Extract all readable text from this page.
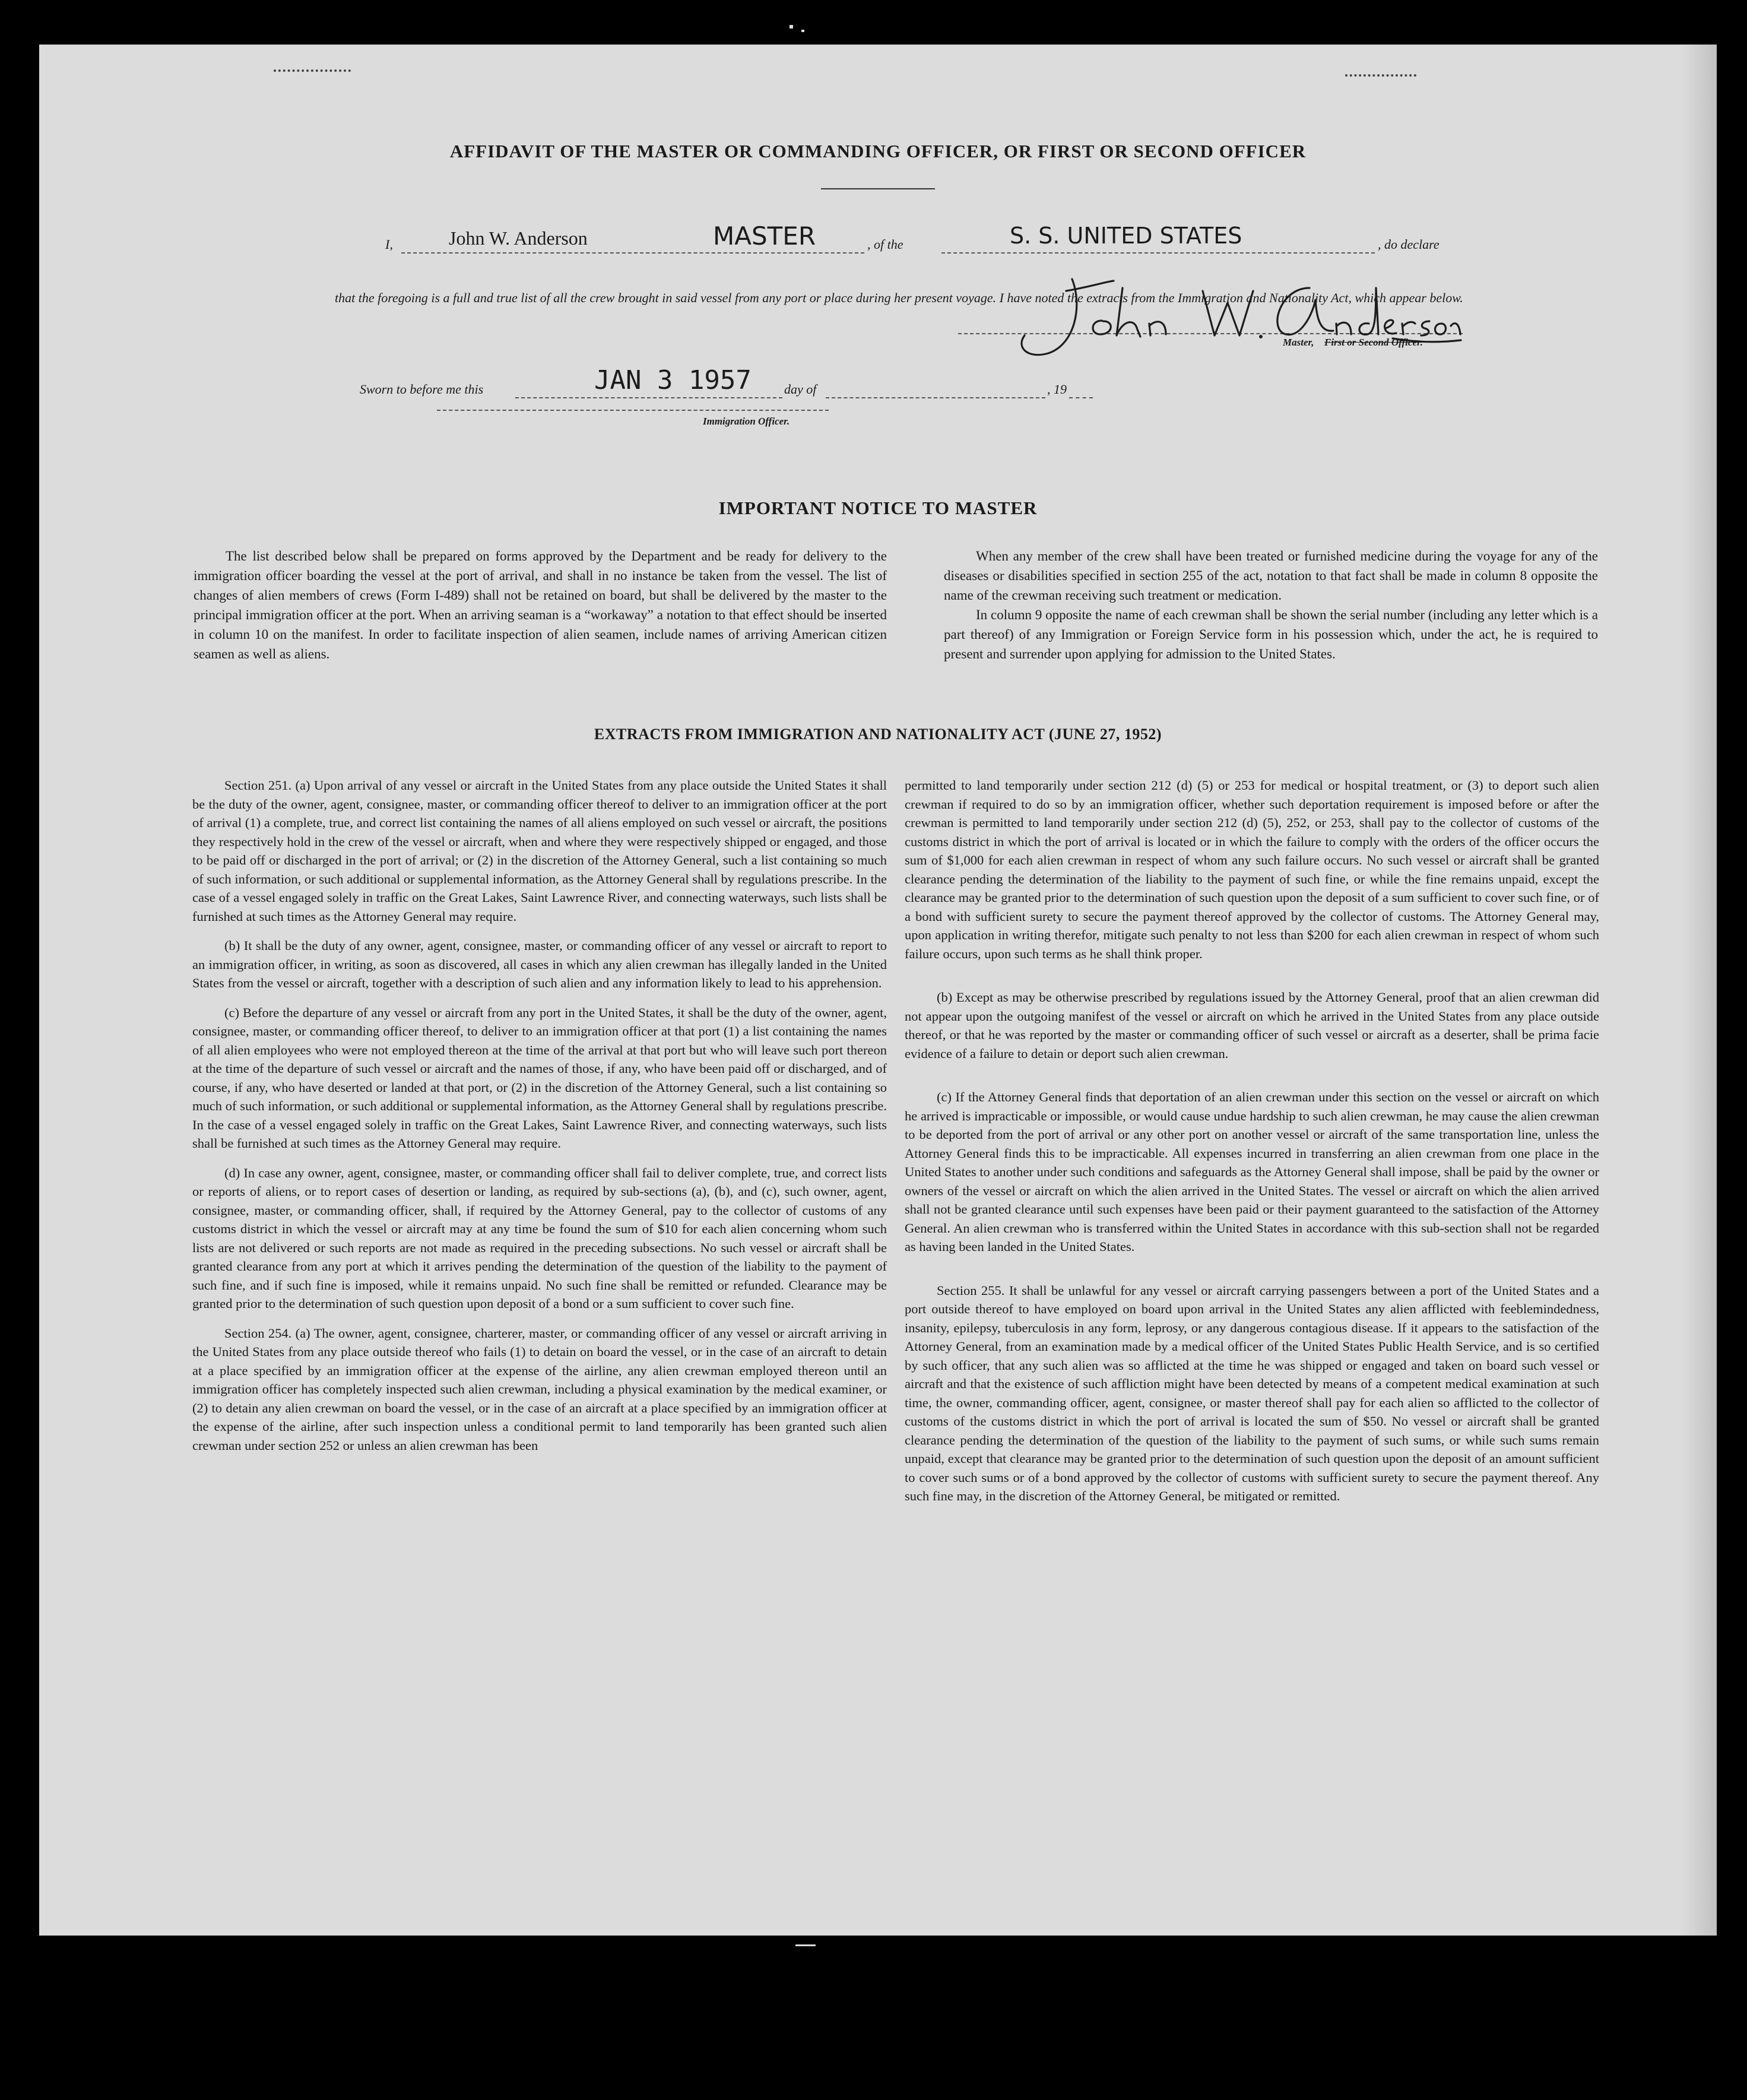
AFFIDAVIT OF THE MASTER OR COMMANDING OFFICER, OR FIRST OR SECOND OFFICER
I,	John W. Anderson	MASTER	, of the	S. S. UNITED STATES	, do declare

that the foregoing is a full and true list of all the crew brought in said vessel from any port or place during her present voyage. I have noted the extracts from the Immigration and Nationality Act, which appear below.

Master, First or Second Officer.
Sworn to before me this	JAN 3 1957	day of	, 19
Immigration Officer.
IMPORTANT NOTICE TO MASTER

The list described below shall be prepared on forms approved by the Department and be ready for delivery to the immigration officer boarding the vessel at the port of arrival, and shall in no instance be taken from the vessel. The list of changes of alien members of crews (Form I-489) shall not be retained on board, but shall be delivered by the master to the principal immigration officer at the port. When an arriving seaman is a “workaway” a notation to that effect should be inserted in column 10 on the manifest. In order to facilitate inspection of alien seamen, include names of arriving American citizen seamen as well as aliens.

When any member of the crew shall have been treated or furnished medicine during the voyage for any of the diseases or disabilities specified in section 255 of the act, notation to that fact shall be made in column 8 opposite the name of the crewman receiving such treatment or medication.

In column 9 opposite the name of each crewman shall be shown the serial number (including any letter which is a part thereof) of any Immigration or Foreign Service form in his possession which, under the act, he is required to present and surrender upon applying for admission to the United States.

EXTRACTS FROM IMMIGRATION AND NATIONALITY ACT (JUNE 27, 1952)

Section 251. (a) Upon arrival of any vessel or aircraft in the United States from any place outside the United States it shall be the duty of the owner, agent, consignee, master, or commanding officer thereof to deliver to an immigration officer at the port of arrival (1) a complete, true, and correct list containing the names of all aliens employed on such vessel or aircraft, the positions they respectively hold in the crew of the vessel or aircraft, when and where they were respectively shipped or engaged, and those to be paid off or discharged in the port of arrival; or (2) in the discretion of the Attorney General, such a list containing so much of such information, or such additional or supplemental information, as the Attorney General shall by regulations prescribe. In the case of a vessel engaged solely in traffic on the Great Lakes, Saint Lawrence River, and connecting waterways, such lists shall be furnished at such times as the Attorney General may require.

(b) It shall be the duty of any owner, agent, consignee, master, or commanding officer of any vessel or aircraft to report to an immigration officer, in writing, as soon as discovered, all cases in which any alien crewman has illegally landed in the United States from the vessel or aircraft, together with a description of such alien and any information likely to lead to his apprehension.

(c) Before the departure of any vessel or aircraft from any port in the United States, it shall be the duty of the owner, agent, consignee, master, or commanding officer thereof, to deliver to an immigration officer at that port (1) a list containing the names of all alien employees who were not employed thereon at the time of the arrival at that port but who will leave such port thereon at the time of the departure of such vessel or aircraft and the names of those, if any, who have been paid off or discharged, and of course, if any, who have deserted or landed at that port, or (2) in the discretion of the Attorney General, such a list containing so much of such information, or such additional or supplemental information, as the Attorney General shall by regulations prescribe. In the case of a vessel engaged solely in traffic on the Great Lakes, Saint Lawrence River, and connecting waterways, such lists shall be furnished at such times as the Attorney General may require.

(d) In case any owner, agent, consignee, master, or commanding officer shall fail to deliver complete, true, and correct lists or reports of aliens, or to report cases of desertion or landing, as required by sub-sections (a), (b), and (c), such owner, agent, consignee, master, or commanding officer, shall, if required by the Attorney General, pay to the collector of customs of any customs district in which the vessel or aircraft may at any time be found the sum of $10 for each alien concerning whom such lists are not delivered or such reports are not made as required in the preceding subsections. No such vessel or aircraft shall be granted clearance from any port at which it arrives pending the determination of the question of the liability to the payment of such fine, and if such fine is imposed, while it remains unpaid. No such fine shall be remitted or refunded. Clearance may be granted prior to the determination of such question upon deposit of a bond or a sum sufficient to cover such fine.

Section 254. (a) The owner, agent, consignee, charterer, master, or commanding officer of any vessel or aircraft arriving in the United States from any place outside thereof who fails (1) to detain on board the vessel, or in the case of an aircraft to detain at a place specified by an immigration officer at the expense of the airline, any alien crewman employed thereon until an immigration officer has completely inspected such alien crewman, including a physical examination by the medical examiner, or (2) to detain any alien crewman on board the vessel, or in the case of an aircraft at a place specified by an immigration officer at the expense of the airline, after such inspection unless a conditional permit to land temporarily has been granted such alien crewman under section 252 or unless an alien crewman has been

permitted to land temporarily under section 212 (d) (5) or 253 for medical or hospital treatment, or (3) to deport such alien crewman if required to do so by an immigration officer, whether such deportation requirement is imposed before or after the crewman is permitted to land temporarily under section 212 (d) (5), 252, or 253, shall pay to the collector of customs of the customs district in which the port of arrival is located or in which the failure to comply with the orders of the officer occurs the sum of $1,000 for each alien crewman in respect of whom any such failure occurs. No such vessel or aircraft shall be granted clearance pending the determination of the liability to the payment of such fine, or while the fine remains unpaid, except the clearance may be granted prior to the determination of such question upon the deposit of a sum sufficient to cover such fine, or of a bond with sufficient surety to secure the payment thereof approved by the collector of customs. The Attorney General may, upon application in writing therefor, mitigate such penalty to not less than $200 for each alien crewman in respect of whom such failure occurs, upon such terms as he shall think proper.

(b) Except as may be otherwise prescribed by regulations issued by the Attorney General, proof that an alien crewman did not appear upon the outgoing manifest of the vessel or aircraft on which he arrived in the United States from any place outside thereof, or that he was reported by the master or commanding officer of such vessel or aircraft as a deserter, shall be prima facie evidence of a failure to detain or deport such alien crewman.

(c) If the Attorney General finds that deportation of an alien crewman under this section on the vessel or aircraft on which he arrived is impracticable or impossible, or would cause undue hardship to such alien crewman, he may cause the alien crewman to be deported from the port of arrival or any other port on another vessel or aircraft of the same transportation line, unless the Attorney General finds this to be impracticable. All expenses incurred in transferring an alien crewman from one place in the United States to another under such conditions and safeguards as the Attorney General shall impose, shall be paid by the owner or owners of the vessel or aircraft on which the alien arrived in the United States. The vessel or aircraft on which the alien arrived shall not be granted clearance until such expenses have been paid or their payment guaranteed to the satisfaction of the Attorney General. An alien crewman who is transferred within the United States in accordance with this sub-section shall not be regarded as having been landed in the United States.

Section 255. It shall be unlawful for any vessel or aircraft carrying passengers between a port of the United States and a port outside thereof to have employed on board upon arrival in the United States any alien afflicted with feeblemindedness, insanity, epilepsy, tuberculosis in any form, leprosy, or any dangerous contagious disease. If it appears to the satisfaction of the Attorney General, from an examination made by a medical officer of the United States Public Health Service, and is so certified by such officer, that any such alien was so afflicted at the time he was shipped or engaged and taken on board such vessel or aircraft and that the existence of such affliction might have been detected by means of a competent medical examination at such time, the owner, commanding officer, agent, consignee, or master thereof shall pay for each alien so afflicted to the collector of customs of the customs district in which the port of arrival is located the sum of $50. No vessel or aircraft shall be granted clearance pending the determination of the question of the liability to the payment of such sums, or while such sums remain unpaid, except that clearance may be granted prior to the determination of such question upon the deposit of an amount sufficient to cover such sums or of a bond approved by the collector of customs with sufficient surety to secure the payment thereof. Any such fine may, in the discretion of the Attorney General, be mitigated or remitted.
